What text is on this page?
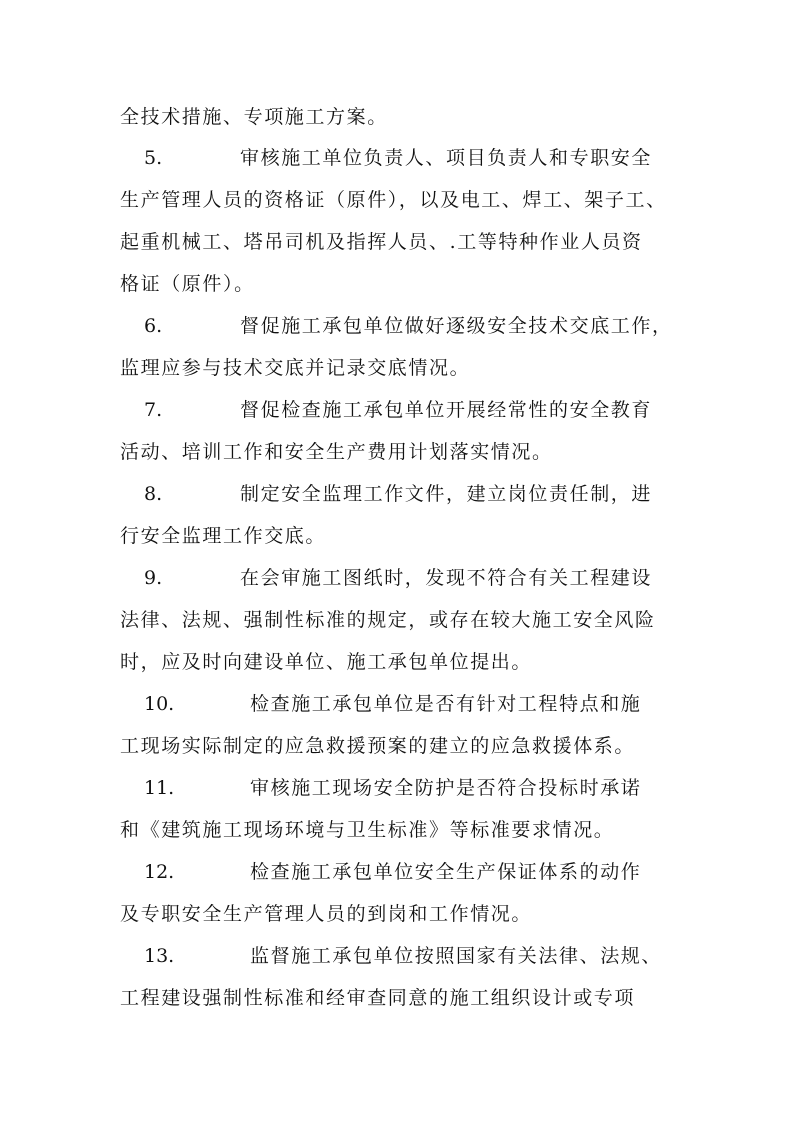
全技术措施、专项施工方案。
5.	审核施工单位负责人、项目负责人和专职安全
生产管理人员的资格证（原件），以及电工、焊工、架子工、
起重机械工、塔吊司机及指挥人员、.工等特种作业人员资
格证（原件）。
6.	督促施工承包单位做好逐级安全技术交底工作，
监理应参与技术交底并记录交底情况。
7.	督促检查施工承包单位开展经常性的安全教育
活动、培训工作和安全生产费用计划落实情况。
8.	制定安全监理工作文件，建立岗位责任制，进
行安全监理工作交底。
9.	在会审施工图纸时，发现不符合有关工程建设
法律、法规、强制性标准的规定，或存在较大施工安全风险
时，应及时向建设单位、施工承包单位提出。
10.	检查施工承包单位是否有针对工程特点和施
工现场实际制定的应急救援预案的建立的应急救援体系。
11.	审核施工现场安全防护是否符合投标时承诺
和《建筑施工现场环境与卫生标准》等标准要求情况。
12.	检查施工承包单位安全生产保证体系的动作
及专职安全生产管理人员的到岗和工作情况。
13.	监督施工承包单位按照国家有关法律、法规、
工程建设强制性标准和经审查同意的施工组织设计或专项
